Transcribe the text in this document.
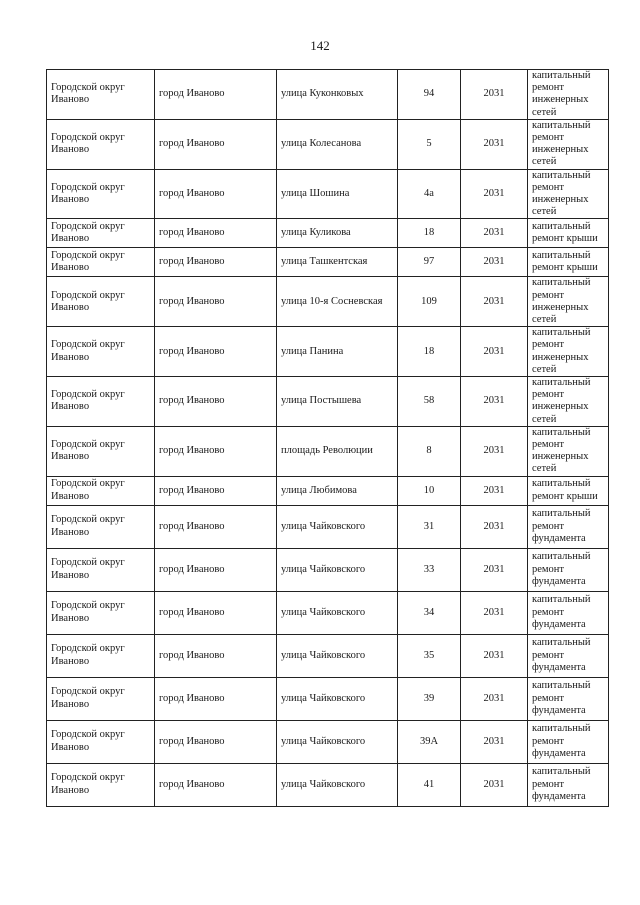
142
Городской округ Иваново	город Иваново	улица Куконковых	94	2031	капитальный ремонт инженерных сетей
Городской округ Иваново	город Иваново	улица Колесанова	5	2031	капитальный ремонт инженерных сетей
Городской округ Иваново	город Иваново	улица Шошина	4а	2031	капитальный ремонт инженерных сетей
Городской округ Иваново	город Иваново	улица Куликова	18	2031	капитальный ремонт крыши
Городской округ Иваново	город Иваново	улица Ташкентская	97	2031	капитальный ремонт крыши
Городской округ Иваново	город Иваново	улица 10-я Сосневская	109	2031	капитальный ремонт инженерных сетей
Городской округ Иваново	город Иваново	улица Панина	18	2031	капитальный ремонт инженерных сетей
Городской округ Иваново	город Иваново	улица Постышева	58	2031	капитальный ремонт инженерных сетей
Городской округ Иваново	город Иваново	площадь Революции	8	2031	капитальный ремонт инженерных сетей
Городской округ Иваново	город Иваново	улица Любимова	10	2031	капитальный ремонт крыши
Городской округ Иваново	город Иваново	улица Чайковского	31	2031	капитальный ремонт фундамента
Городской округ Иваново	город Иваново	улица Чайковского	33	2031	капитальный ремонт фундамента
Городской округ Иваново	город Иваново	улица Чайковского	34	2031	капитальный ремонт фундамента
Городской округ Иваново	город Иваново	улица Чайковского	35	2031	капитальный ремонт фундамента
Городской округ Иваново	город Иваново	улица Чайковского	39	2031	капитальный ремонт фундамента
Городской округ Иваново	город Иваново	улица Чайковского	39А	2031	капитальный ремонт фундамента
Городской округ Иваново	город Иваново	улица Чайковского	41	2031	капитальный ремонт фундамента
